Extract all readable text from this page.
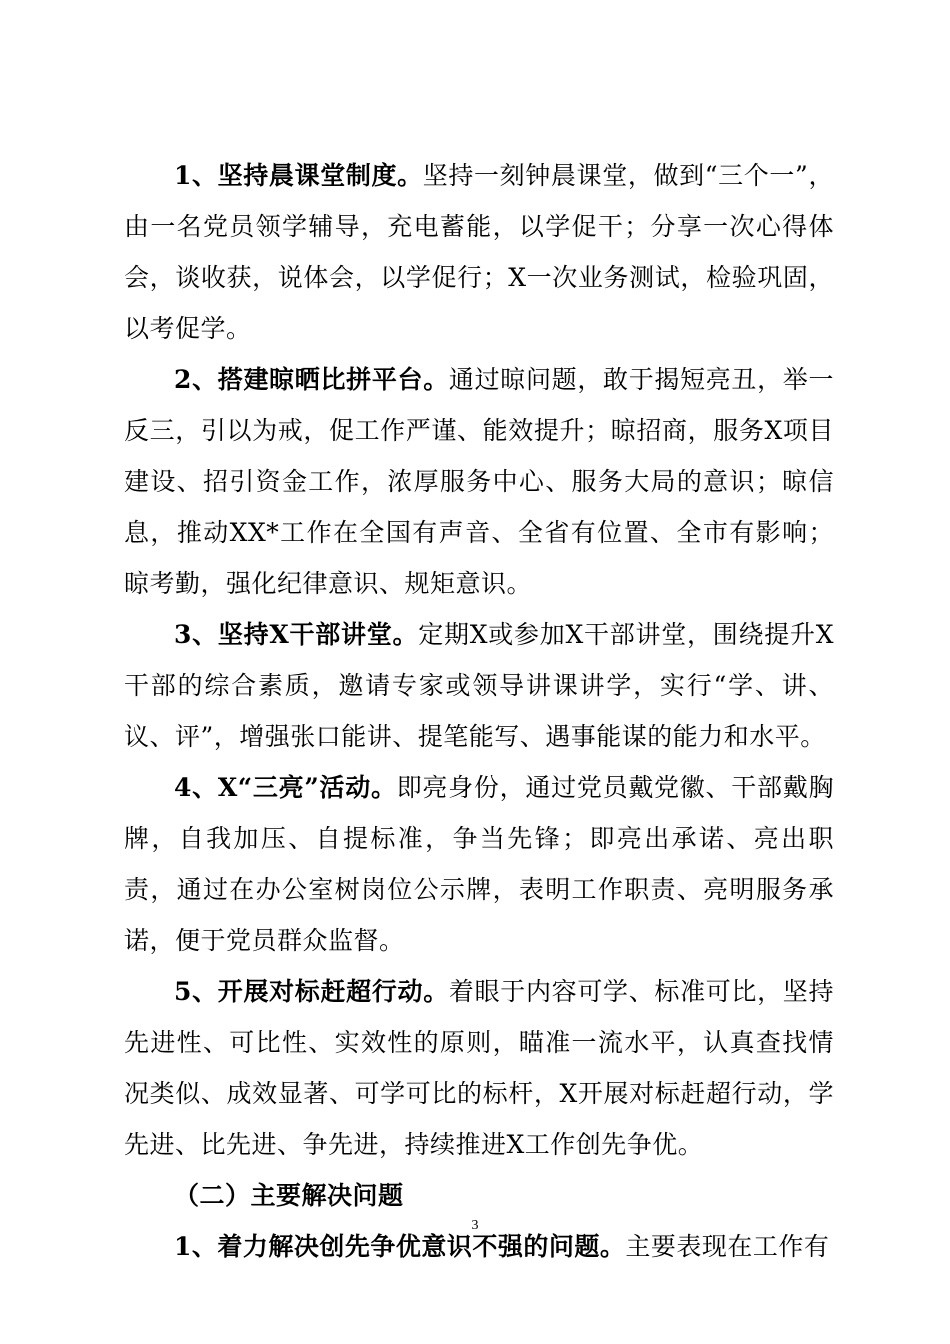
1、坚持晨课堂制度。坚持一刻钟晨课堂，做到“三个一”，由一名党员领学辅导，充电蓄能，以学促干；分享一次心得体会，谈收获，说体会，以学促行；X一次业务测试，检验巩固，以考促学。

2、搭建晾晒比拼平台。通过晾问题，敢于揭短亮丑，举一反三，引以为戒，促工作严谨、能效提升；晾招商，服务X项目建设、招引资金工作，浓厚服务中心、服务大局的意识；晾信息，推动XX*工作在全国有声音、全省有位置、全市有影响；晾考勤，强化纪律意识、规矩意识。

3、坚持X干部讲堂。定期X或参加X干部讲堂，围绕提升X干部的综合素质，邀请专家或领导讲课讲学，实行“学、讲、议、评”，增强张口能讲、提笔能写、遇事能谋的能力和水平。

4、X“三亮”活动。即亮身份，通过党员戴党徽、干部戴胸牌，自我加压、自提标准，争当先锋；即亮出承诺、亮出职责，通过在办公室树岗位公示牌，表明工作职责、亮明服务承诺，便于党员群众监督。

5、开展对标赶超行动。着眼于内容可学、标准可比，坚持先进性、可比性、实效性的原则，瞄准一流水平，认真查找情况类似、成效显著、可学可比的标杆，X开展对标赶超行动，学先进、比先进、争先进，持续推进X工作创先争优。

（二）主要解决问题

1、着力解决创先争优意识不强的问题。主要表现在工作有

3
